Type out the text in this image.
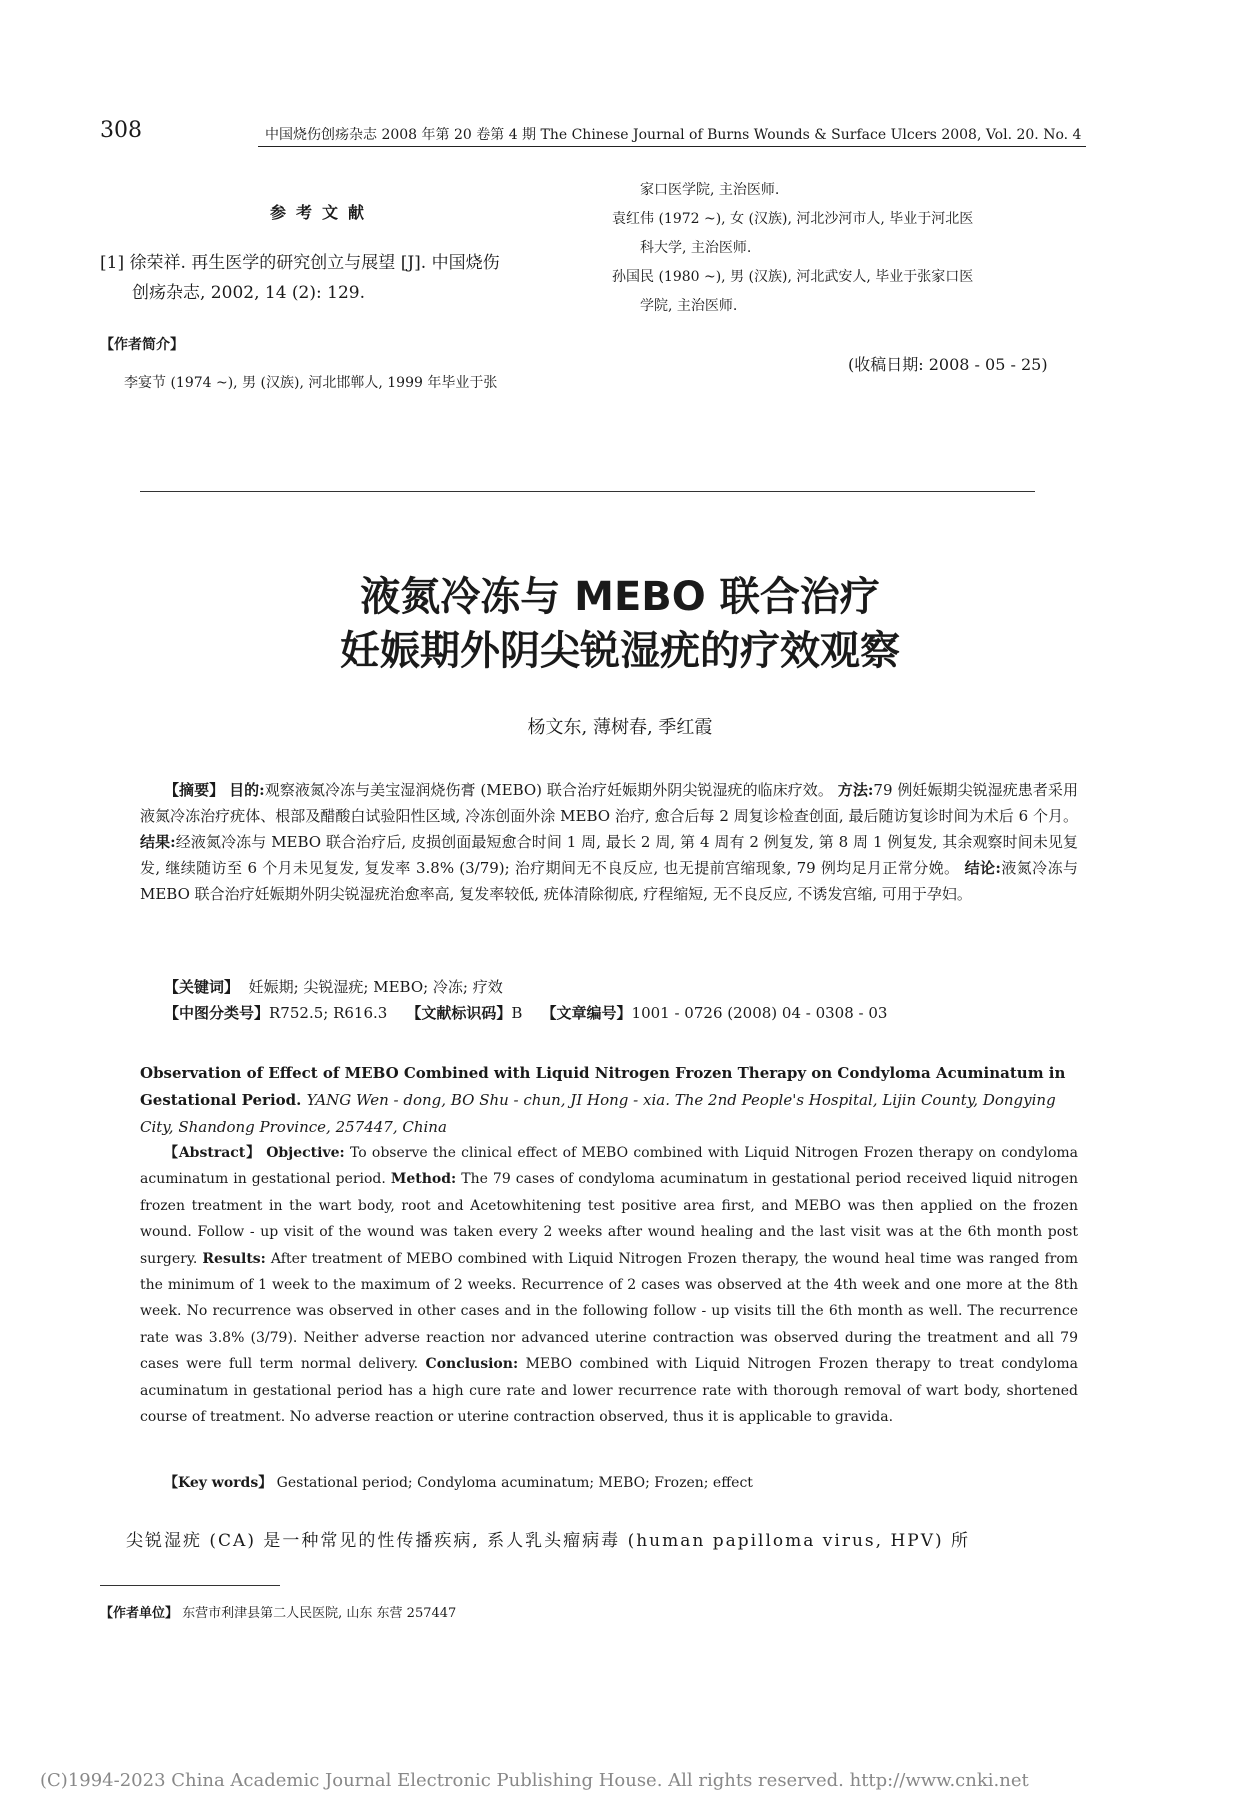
308	中国烧伤创疡杂志 2008 年第 20 卷第 4 期 The Chinese Journal of Burns Wounds & Surface Ulcers 2008, Vol. 20. No. 4
参考文献
[1] 徐荣祥. 再生医学的研究创立与展望 [J]. 中国烧伤
创疡杂志, 2002, 14 (2): 129.
【作者简介】
李宴节 (1974 ~), 男 (汉族), 河北邯郸人, 1999 年毕业于张
家口医学院, 主治医师.
袁红伟 (1972 ~), 女 (汉族), 河北沙河市人, 毕业于河北医
科大学, 主治医师.
孙国民 (1980 ~), 男 (汉族), 河北武安人, 毕业于张家口医
学院, 主治医师.
(收稿日期: 2008 - 05 - 25)
液氮冷冻与 MEBO 联合治疗
妊娠期外阴尖锐湿疣的疗效观察
杨文东, 薄树春, 季红霞
【摘要】 目的:观察液氮冷冻与美宝湿润烧伤膏 (MEBO) 联合治疗妊娠期外阴尖锐湿疣的临床疗效。 方法:79 例妊娠期尖锐湿疣患者采用液氮冷冻治疗疣体、根部及醋酸白试验阳性区域, 冷冻创面外涂 MEBO 治疗, 愈合后每 2 周复诊检查创面, 最后随访复诊时间为术后 6 个月。 结果:经液氮冷冻与 MEBO 联合治疗后, 皮损创面最短愈合时间 1 周, 最长 2 周, 第 4 周有 2 例复发, 第 8 周 1 例复发, 其余观察时间未见复发, 继续随访至 6 个月未见复发, 复发率 3.8% (3/79); 治疗期间无不良反应, 也无提前宫缩现象, 79 例均足月正常分娩。 结论:液氮冷冻与 MEBO 联合治疗妊娠期外阴尖锐湿疣治愈率高, 复发率较低, 疣体清除彻底, 疗程缩短, 无不良反应, 不诱发宫缩, 可用于孕妇。
【关键词】 妊娠期; 尖锐湿疣; MEBO; 冷冻; 疗效
【中图分类号】R752.5; R616.3 【文献标识码】B 【文章编号】1001 - 0726 (2008) 04 - 0308 - 03
Observation of Effect of MEBO Combined with Liquid Nitrogen Frozen Therapy on Condyloma Acuminatum in Gestational Period. YANG Wen - dong, BO Shu - chun, JI Hong - xia. The 2nd People's Hospital, Lijin County, Dongying City, Shandong Province, 257447, China
【Abstract】 Objective: To observe the clinical effect of MEBO combined with Liquid Nitrogen Frozen therapy on condyloma acuminatum in gestational period. Method: The 79 cases of condyloma acuminatum in gestational period received liquid nitrogen frozen treatment in the wart body, root and Acetowhitening test positive area first, and MEBO was then applied on the frozen wound. Follow - up visit of the wound was taken every 2 weeks after wound healing and the last visit was at the 6th month post surgery. Results: After treatment of MEBO combined with Liquid Nitrogen Frozen therapy, the wound heal time was ranged from the minimum of 1 week to the maximum of 2 weeks. Recurrence of 2 cases was observed at the 4th week and one more at the 8th week. No recurrence was observed in other cases and in the following follow - up visits till the 6th month as well. The recurrence rate was 3.8% (3/79). Neither adverse reaction nor advanced uterine contraction was observed during the treatment and all 79 cases were full term normal delivery. Conclusion: MEBO combined with Liquid Nitrogen Frozen therapy to treat condyloma acuminatum in gestational period has a high cure rate and lower recurrence rate with thorough removal of wart body, shortened course of treatment. No adverse reaction or uterine contraction observed, thus it is applicable to gravida.
【Key words】 Gestational period; Condyloma acuminatum; MEBO; Frozen; effect
尖锐湿疣 (CA) 是一种常见的性传播疾病, 系人乳头瘤病毒 (human papilloma virus, HPV) 所
【作者单位】 东营市利津县第二人民医院, 山东 东营 257447
(C)1994-2023 China Academic Journal Electronic Publishing House. All rights reserved. http://www.cnki.net
